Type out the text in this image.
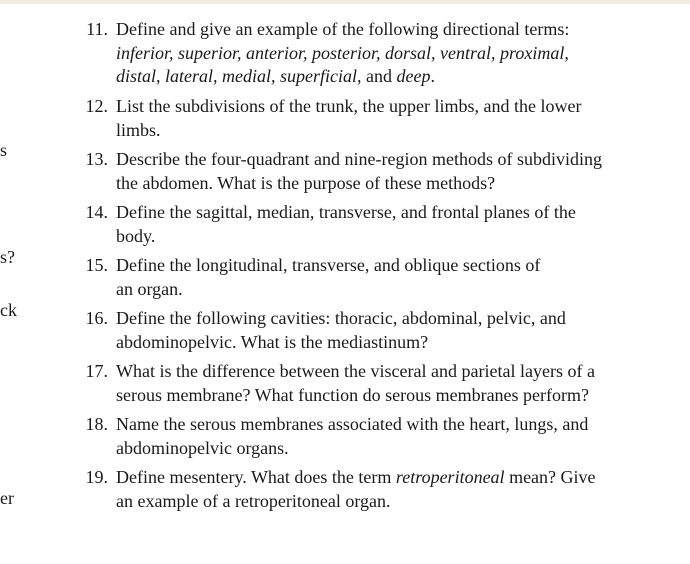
s
s?
ck
er
11. Define and give an example of the following directional terms:
inferior, superior, anterior, posterior, dorsal, ventral, proximal,
distal, lateral, medial, superficial, and deep.
12. List the subdivisions of the trunk, the upper limbs, and the lower
limbs.
13. Describe the four-quadrant and nine-region methods of subdividing
the abdomen. What is the purpose of these methods?
14. Define the sagittal, median, transverse, and frontal planes of the
body.
15. Define the longitudinal, transverse, and oblique sections of
an organ.
16. Define the following cavities: thoracic, abdominal, pelvic, and
abdominopelvic. What is the mediastinum?
17. What is the difference between the visceral and parietal layers of a
serous membrane? What function do serous membranes perform?
18. Name the serous membranes associated with the heart, lungs, and
abdominopelvic organs.
19. Define mesentery. What does the term retroperitoneal mean? Give
an example of a retroperitoneal organ.
